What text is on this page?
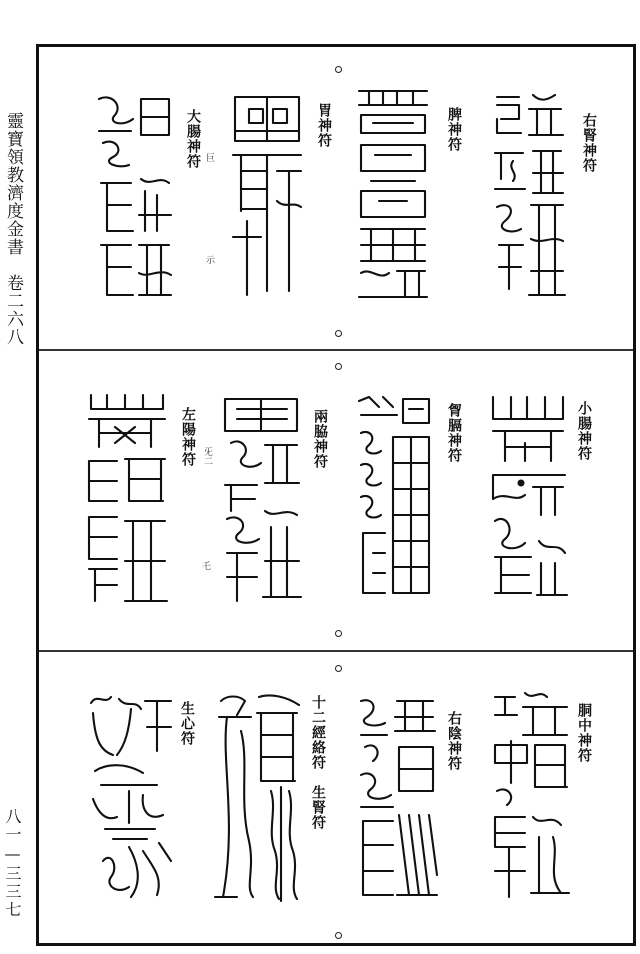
靈寶領教濟度金書　卷二六八
八一—三三七
右腎神符
脾神符
胃神符
大腸神符 巨
示
小腸神符
胷膈神符
兩脇神符
左陽神符 旡二
乇
胴中神符
右陰神符
十二經絡符
生腎符
生心符
